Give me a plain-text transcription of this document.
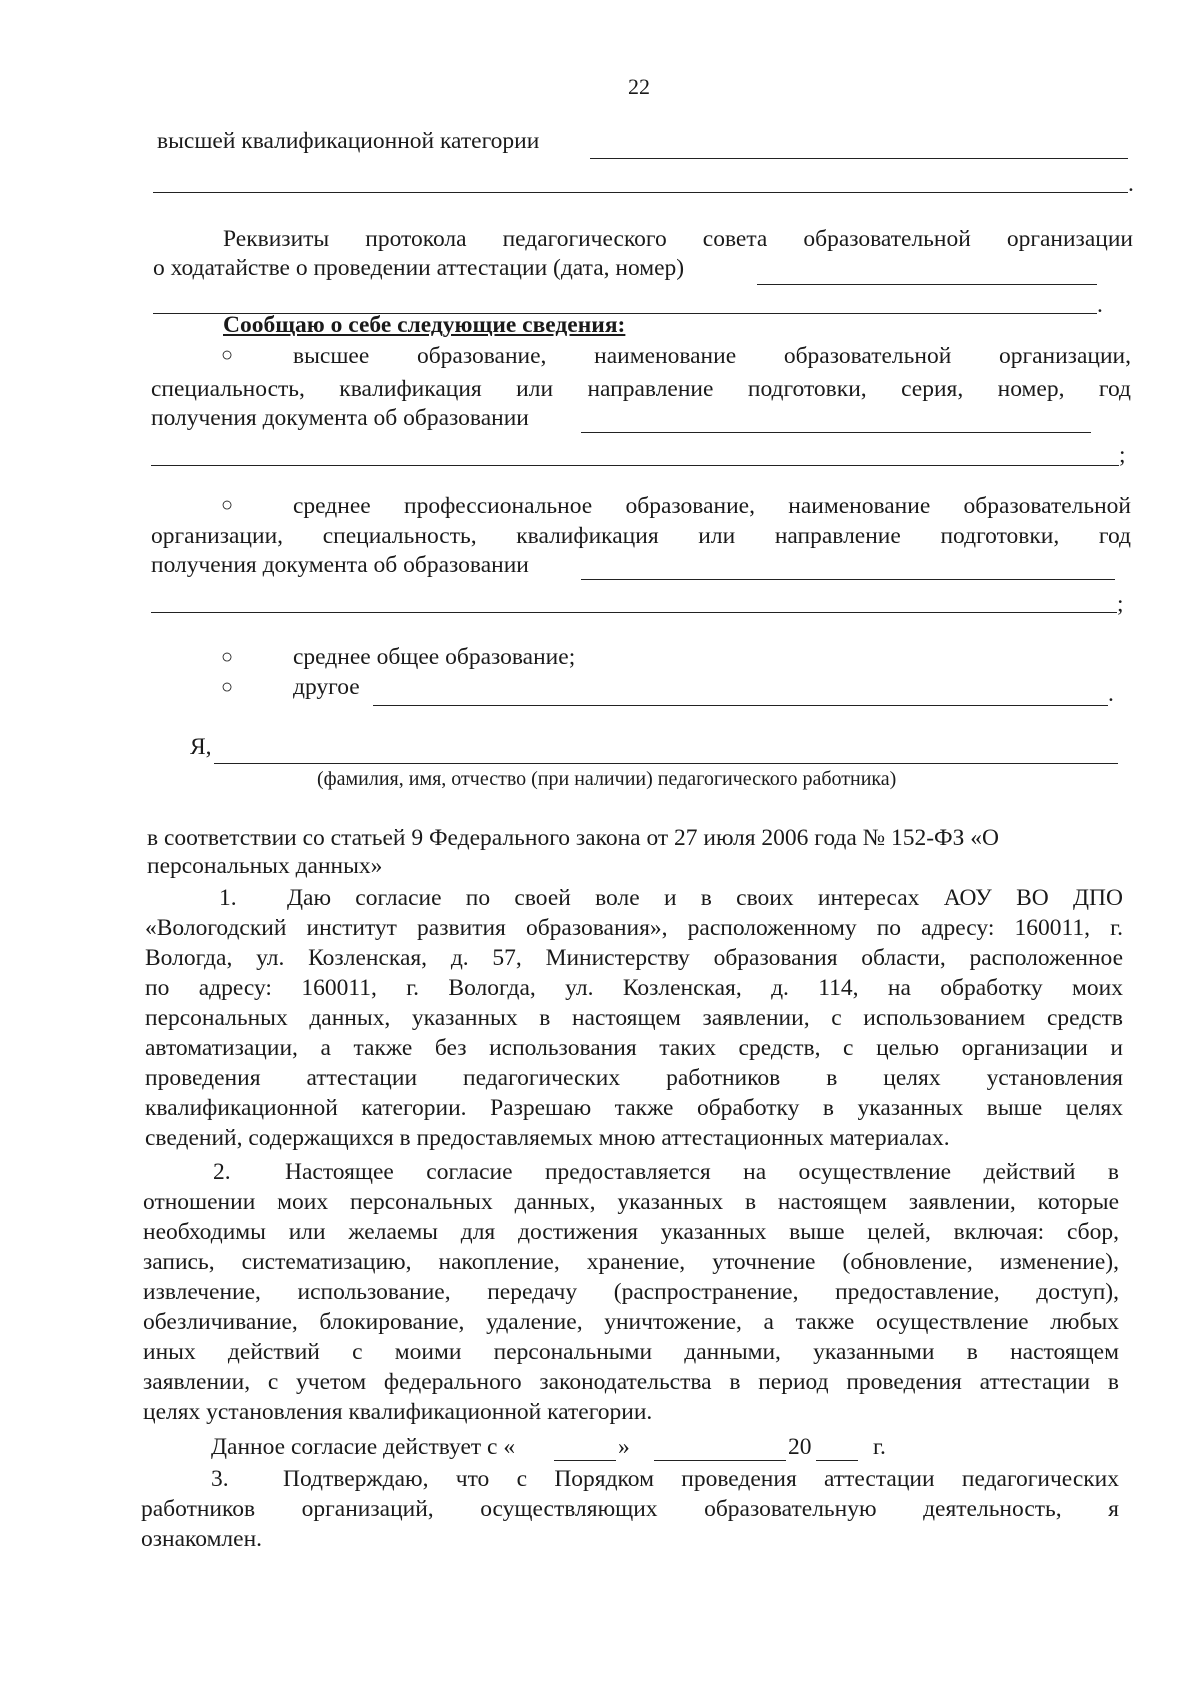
22
высшей квалификационной категории
.
Реквизиты протокола педагогического совета образовательной организации
о ходатайстве о проведении аттестации (дата, номер)
.
Сообщаю о себе следующие сведения:
○	высшее образование, наименование образовательной организации,
специальность, квалификация или направление подготовки, серия, номер, год
получения документа об образовании
;
○	среднее профессиональное образование, наименование образовательной
организации, специальность, квалификация или направление подготовки, год
получения документа об образовании
;
○	среднее общее образование;
○	другое	.
Я,
(фамилия, имя, отчество (при наличии) педагогического работника)
в соответствии со статьей 9 Федерального закона от 27 июля 2006 года № 152-ФЗ «О
персональных данных»
1. Даю согласие по своей воле и в своих интересах АОУ ВО ДПО
«Вологодский институт развития образования», расположенному по адресу: 160011, г.
Вологда, ул. Козленская, д. 57, Министерству образования области, расположенное
по адресу: 160011, г. Вологда, ул. Козленская, д. 114, на обработку моих
персональных данных, указанных в настоящем заявлении, с использованием средств
автоматизации, а также без использования таких средств, с целью организации и
проведения аттестации педагогических работников в целях установления
квалификационной категории. Разрешаю также обработку в указанных выше целях
сведений, содержащихся в предоставляемых мною аттестационных материалах.
2. Настоящее согласие предоставляется на осуществление действий в
отношении моих персональных данных, указанных в настоящем заявлении, которые
необходимы или желаемы для достижения указанных выше целей, включая: сбор,
запись, систематизацию, накопление, хранение, уточнение (обновление, изменение),
извлечение, использование, передачу (распространение, предоставление, доступ),
обезличивание, блокирование, удаление, уничтожение, а также осуществление любых
иных действий с моими персональными данными, указанными в настоящем
заявлении, с учетом федерального законодательства в период проведения аттестации в
целях установления квалификационной категории.
Данное согласие действует с «	»	20	г.
3. Подтверждаю, что с Порядком проведения аттестации педагогических
работников организаций, осуществляющих образовательную деятельность, я
ознакомлен.
